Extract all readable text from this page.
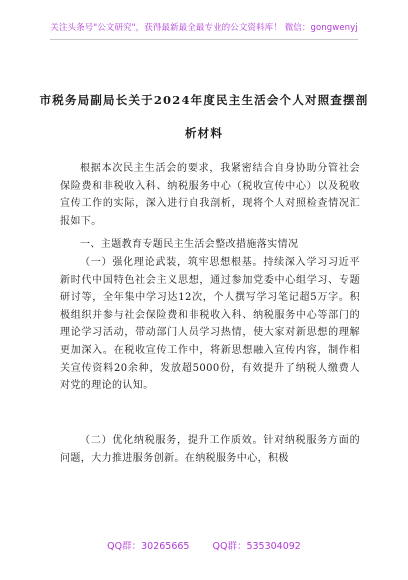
关注头条号"公文研究"，获得最新最全最专业的公文资料库！ 微信：gongwenyj
市税务局副局长关于2024年度民主生活会个人对照查摆剖
析材料

根据本次民主生活会的要求，我紧密结合自身协助分管社会保险费和非税收入科、纳税服务中心（税收宣传中心）以及税收宣传工作的实际，深入进行自我剖析，现将个人对照检查情况汇报如下。

一、主题教育专题民主生活会整改措施落实情况

（一）强化理论武装，筑牢思想根基。持续深入学习习近平新时代中国特色社会主义思想，通过参加党委中心组学习、专题研讨等，全年集中学习达12次，个人撰写学习笔记超5万字。积极组织并参与社会保险费和非税收入科、纳税服务中心等部门的理论学习活动，带动部门人员学习热情，使大家对新思想的理解更加深入。在税收宣传工作中，将新思想融入宣传内容，制作相关宣传资料20余种，发放超5000份，有效提升了纳税人缴费人对党的理论的认知。

（二）优化纳税服务，提升工作质效。针对纳税服务方面的问题，大力推进服务创新。在纳税服务中心，积极

QQ群：30265665 QQ群：535304092
